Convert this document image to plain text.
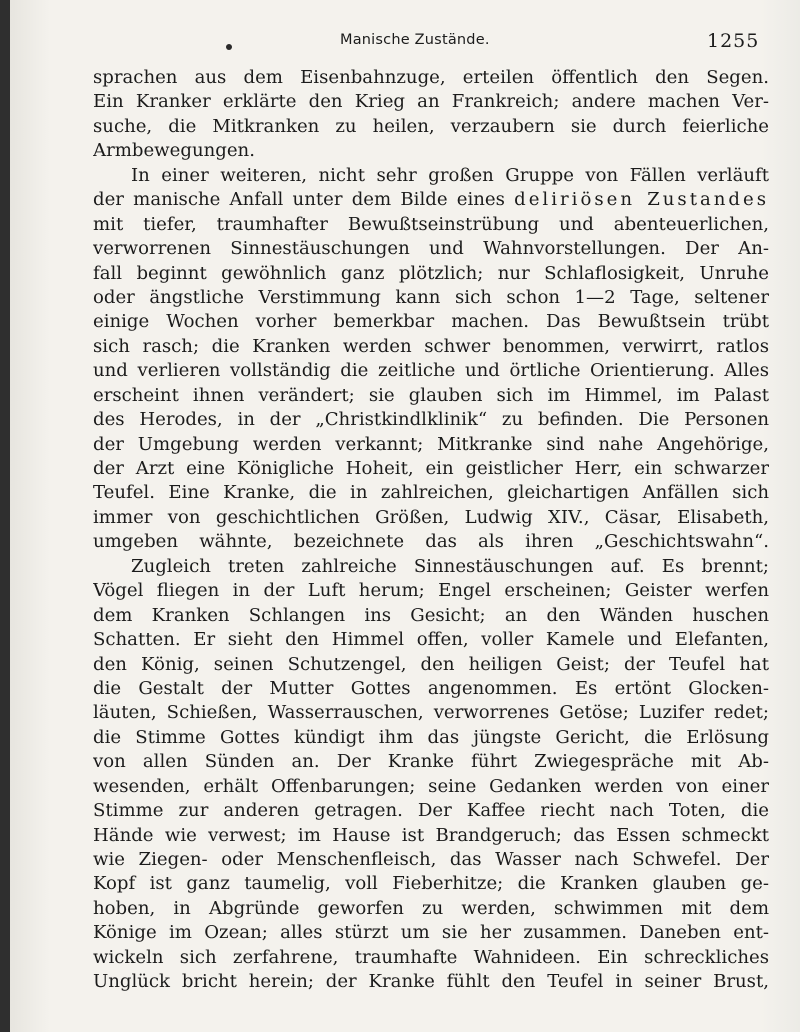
Manische Zustände.	1255
sprachen aus dem Eisenbahnzuge, erteilen öffentlich den Segen.
Ein Kranker erklärte den Krieg an Frankreich; andere machen Ver-
suche, die Mitkranken zu heilen, verzaubern sie durch feierliche
Armbewegungen.
In einer weiteren, nicht sehr großen Gruppe von Fällen verläuft
der manische Anfall unter dem Bilde eines deliriösen Zustandes
mit tiefer, traumhafter Bewußtseinstrübung und abenteuerlichen,
verworrenen Sinnestäuschungen und Wahnvorstellungen. Der An-
fall beginnt gewöhnlich ganz plötzlich; nur Schlaflosigkeit, Unruhe
oder ängstliche Verstimmung kann sich schon 1—2 Tage, seltener
einige Wochen vorher bemerkbar machen. Das Bewußtsein trübt
sich rasch; die Kranken werden schwer benommen, verwirrt, ratlos
und verlieren vollständig die zeitliche und örtliche Orientierung. Alles
erscheint ihnen verändert; sie glauben sich im Himmel, im Palast
des Herodes, in der „Christkindlklinik“ zu befinden. Die Personen
der Umgebung werden verkannt; Mitkranke sind nahe Angehörige,
der Arzt eine Königliche Hoheit, ein geistlicher Herr, ein schwarzer
Teufel. Eine Kranke, die in zahlreichen, gleichartigen Anfällen sich
immer von geschichtlichen Größen, Ludwig XIV., Cäsar, Elisabeth,
umgeben wähnte, bezeichnete das als ihren „Geschichtswahn“.
Zugleich treten zahlreiche Sinnestäuschungen auf. Es brennt;
Vögel fliegen in der Luft herum; Engel erscheinen; Geister werfen
dem Kranken Schlangen ins Gesicht; an den Wänden huschen
Schatten. Er sieht den Himmel offen, voller Kamele und Elefanten,
den König, seinen Schutzengel, den heiligen Geist; der Teufel hat
die Gestalt der Mutter Gottes angenommen. Es ertönt Glocken-
läuten, Schießen, Wasserrauschen, verworrenes Getöse; Luzifer redet;
die Stimme Gottes kündigt ihm das jüngste Gericht, die Erlösung
von allen Sünden an. Der Kranke führt Zwiegespräche mit Ab-
wesenden, erhält Offenbarungen; seine Gedanken werden von einer
Stimme zur anderen getragen. Der Kaffee riecht nach Toten, die
Hände wie verwest; im Hause ist Brandgeruch; das Essen schmeckt
wie Ziegen- oder Menschenfleisch, das Wasser nach Schwefel. Der
Kopf ist ganz taumelig, voll Fieberhitze; die Kranken glauben ge-
hoben, in Abgründe geworfen zu werden, schwimmen mit dem
Könige im Ozean; alles stürzt um sie her zusammen. Daneben ent-
wickeln sich zerfahrene, traumhafte Wahnideen. Ein schreckliches
Unglück bricht herein; der Kranke fühlt den Teufel in seiner Brust,
